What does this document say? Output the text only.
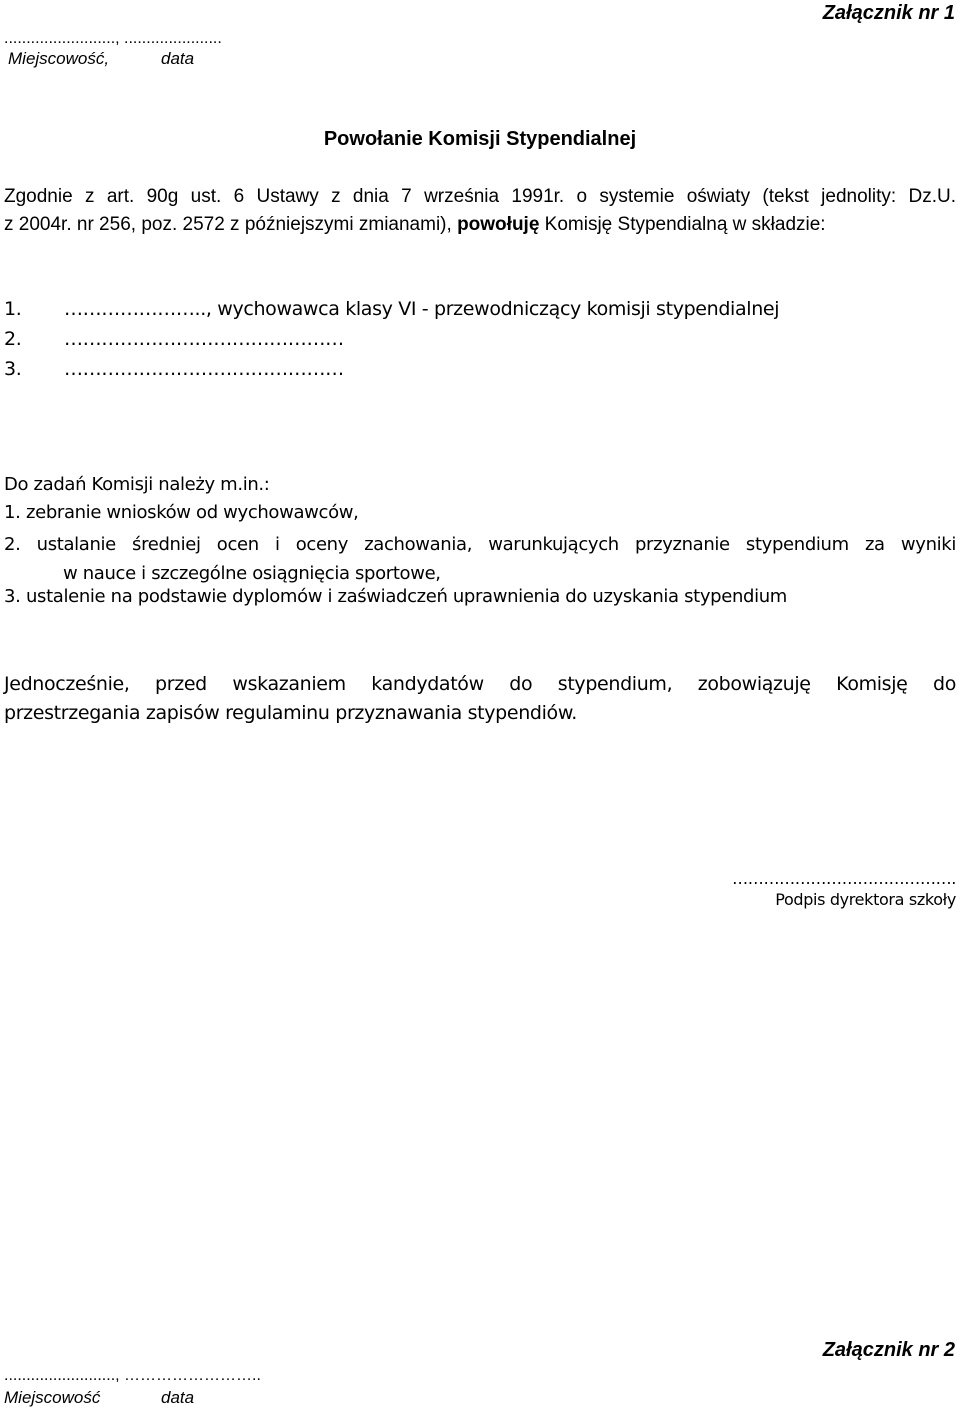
Załącznik nr 1
........................., ......................
Miejscowość,	data
Powołanie Komisji Stypendialnej
Zgodnie z art. 90g ust. 6 Ustawy z dnia 7 września 1991r. o systemie oświaty (tekst jednolity: Dz.U.
z 2004r. nr 256, poz. 2572 z późniejszymi zmianami), powołuję Komisję Stypendialną w składzie:
1. ………………….., wychowawca klasy VI - przewodniczący komisji stypendialnej
2. ………………………………………
3. ………………………………………
Do zadań Komisji należy m.in.:
1. zebranie wniosków od wychowawców,
2. ustalanie średniej ocen i oceny zachowania, warunkujących przyznanie stypendium za wyniki
w nauce i szczególne osiągnięcia sportowe,
3. ustalenie na podstawie dyplomów i zaświadczeń uprawnienia do uzyskania stypendium
Jednocześnie, przed wskazaniem kandydatów do stypendium, zobowiązuję Komisję do
przestrzegania zapisów regulaminu przyznawania stypendiów.
…………………………………….
Podpis dyrektora szkoły
Załącznik nr 2
........................., ……………………..
Miejscowość	data
